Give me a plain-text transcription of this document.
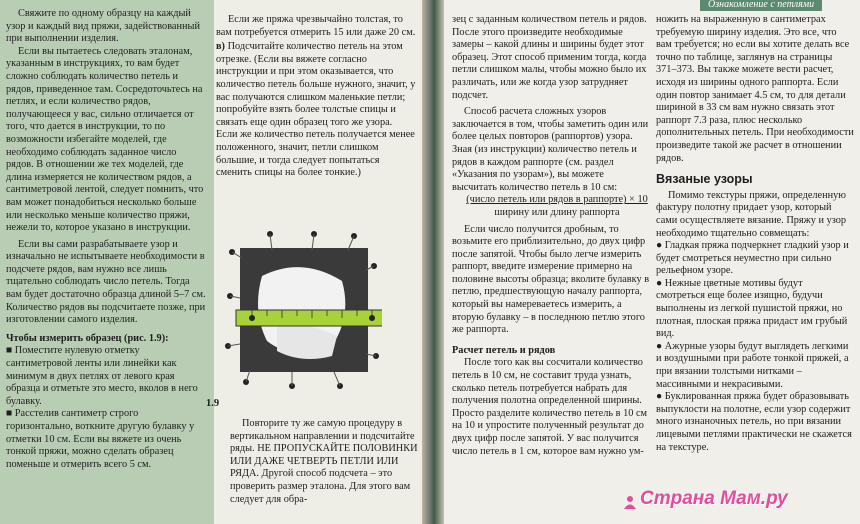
Свяжите по одному образцу на каждый узор и каждый вид пряжи, задействованный при выполнении изделия.

Если вы пытаетесь следовать эталонам, указанным в инструкциях, то вам будет сложно соблюдать количество петель и рядов, приведенное там. Сосредоточьтесь на петлях, и если количество рядов, получающееся у вас, сильно отличается от того, что дается в инструкции, то по возможности избегайте моделей, где необходимо соблюдать заданное число рядов. В отношении же тех моделей, где длина измеряется не количеством рядов, а сантиметровой лентой, следует помнить, что вам может понадобиться несколько больше или несколько меньше количество пряжи, нежели то, которое указано в инструкции.

Если вы сами разрабатываете узор и изначально не испытываете необходимости в подсчете рядов, вам нужно все лишь тщательно соблюдать число петель. Тогда вам будет достаточно образца длиной 5–7 см. Количество рядов вы подсчитаете позже, при изготовлении самого изделия.

Чтобы измерить образец (рис. 1.9):

■ Поместите нулевую отметку сантиметровой ленты или линейки как минимум в двух петлях от левого края образца и отметьте это место, вколов в него булавку.

■ Расстелив сантиметр строго горизонтально, воткните другую булавку у отметки 10 см. Если вы вяжете из очень тонкой пряжи, можно сделать образец поменьше и отмерить всего 5 см.

Если же пряжа чрезвычайно толстая, то вам потребуется отмерить 15 или даже 20 см.

в) Подсчитайте количество петель на этом отрезке. (Если вы вяжете согласно инструкции и при этом оказывается, что количество петель больше нужного, значит, у вас получаются слишком маленькие петли; попробуйте взять более толстые спицы и связать еще один образец того же узора. Если же количество петель получается менее положенного, значит, петли слишком большие, и тогда следует попытаться сменить спицы на более тонкие.)

1.9

Повторите ту же самую процедуру в вертикальном направлении и подсчитайте ряды. НЕ ПРОПУСКАЙТЕ ПОЛОВИНКИ ИЛИ ДАЖЕ ЧЕТВЕРТЬ ПЕТЛИ ИЛИ РЯДА. Другой способ подсчета – это проверить размер эталона. Для этого вам следует для обра-

Ознакомление с петлями

зец с заданным количеством петель и рядов. После этого произведите необходимые замеры – какой длины и ширины будет этот образец. Этот способ применим тогда, когда петли слишком малы, чтобы можно было их различать, или же когда узор затрудняет подсчет.

Способ расчета сложных узоров заключается в том, чтобы заметить один или более целых повторов (раппортов) узора. Зная (из инструкции) количество петель и рядов в каждом раппорте (см. раздел «Указания по узорам»), вы можете высчитать количество петель в 10 см:

(число петель или рядов в раппорте) × 10

ширину или длину раппорта

Если число получится дробным, то возьмите его приблизительно, до двух цифр после запятой. Чтобы было легче измерить раппорт, введите измерение примерно на половине высоты образца; вколите булавку в петлю, предшествующую началу раппорта, который вы намереваетесь измерить, а вторую булавку – в последнюю петлю этого же раппорта.

Расчет петель и рядов

После того как вы сосчитали количество петель в 10 см, не составит труда узнать, сколько петель потребуется набрать для получения полотна определенной ширины. Просто разделите количество петель в 10 см на 10 и упростите полученный результат до двух цифр после запятой. У вас получится число петель в 1 см, которое вам нужно ум-

ножить на выраженную в сантиметрах требуемую ширину изделия. Это все, что вам требуется; но если вы хотите делать все точно по таблице, заглянув на страницы 371–373. Вы также можете вести расчет, исходя из ширины одного раппорта. Если один повтор занимает 4.5 см, то для детали шириной в 33 см вам нужно связать этот раппорт 7.3 раза, плюс несколько дополнительных петель. При необходимости произведите такой же расчет в отношении рядов.

Вязаные узоры

Помимо текстуры пряжи, определенную фактуру полотну придает узор, который сами осуществляете вязание. Пряжу и узор необходимо тщательно совмещать:

● Гладкая пряжа подчеркнет гладкий узор и будет смотреться неуместно при сильно рельефном узоре.

● Нежные цветные мотивы будут смотреться еще более изящно, будучи выполнены из легкой пушистой пряжи, но плотная, плоская пряжа придаст им грубый вид.

● Ажурные узоры будут выглядеть легкими и воздушными при работе тонкой пряжей, а при вязании толстыми нитками – массивными и некрасивыми.

● Буклированная пряжа будет образовывать выпуклости на полотне, если узор содержит много изнаночных петель, но при вязании лицевыми петлями практически не скажется на текстуре.

Страна Мам.ру
